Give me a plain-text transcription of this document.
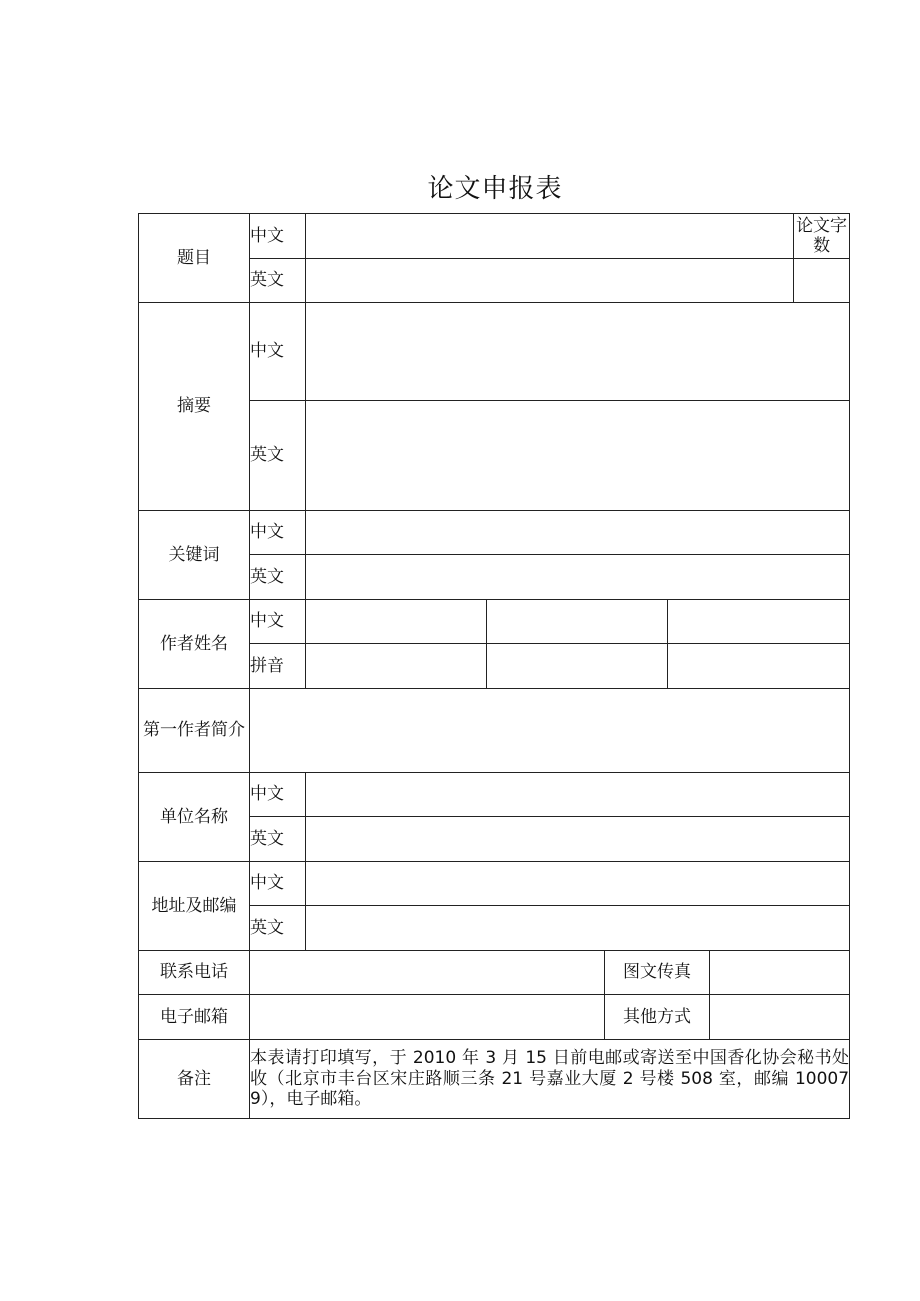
论文申报表
题目	中文						论文字数
	英文						
摘要	中文						
	英文						
关键词	中文						
	英文						
作者姓名	中文						
	拼音						
第一作者简介							
单位名称	中文						
	英文						
地址及邮编	中文						
	英文						
联系电话				图文传真			
电子邮箱				其他方式			
备注	本表请打印填写，于 2010 年 3 月 15 日前电邮或寄送至中国香化协会秘书处收（北京市丰台区宋庄路顺三条 21 号嘉业大厦 2 号楼 508 室，邮编 100079），电子邮箱。						
